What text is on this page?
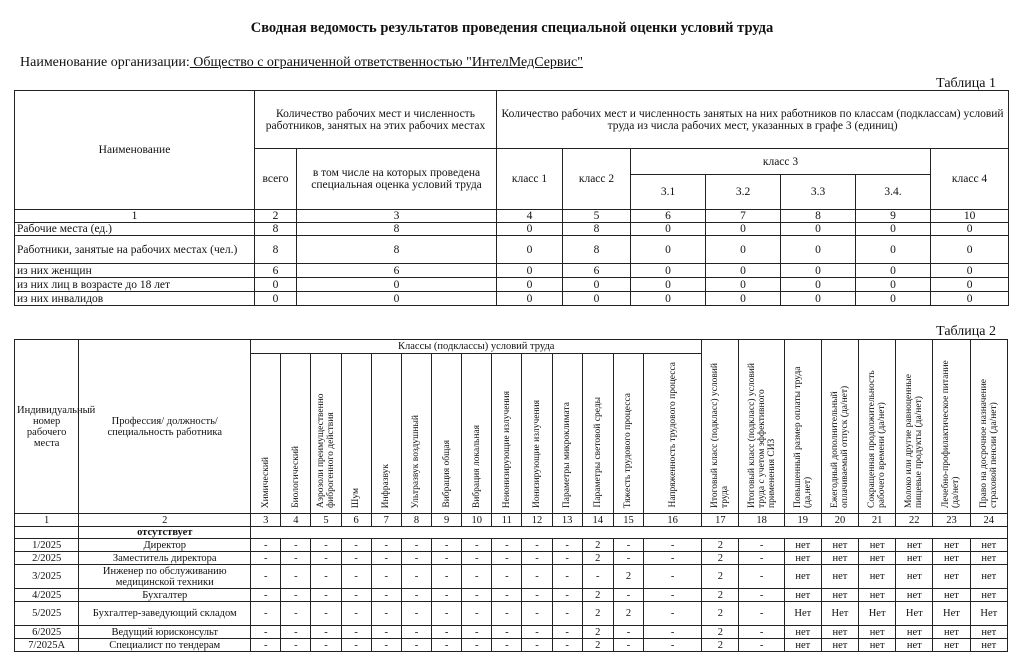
Сводная ведомость результатов проведения специальной оценки условий труда
Наименование организации: Общество с ограниченной ответственностью "ИнтелМедСервис"
Таблица 1
Наименование	Количество рабочих мест и численность работников, занятых на этих рабочих местах		Количество рабочих мест и численность занятых на них работников по классам (подклассам) условий труда из числа рабочих мест, указанных в графе 3 (единиц)						
	всего	в том числе на которых проведена специальная оценка условий труда	класс 1	класс 2	класс 3				класс 4
					3.1	3.2	3.3	3.4.	
1	2	3	4	5	6	7	8	9	10
Рабочие места (ед.)	8	8	0	8	0	0	0	0	0
Работники, занятые на рабочих местах (чел.)	8	8	0	8	0	0	0	0	0
из них женщин	6	6	0	6	0	0	0	0	0
из них лиц в возрасте до 18 лет	0	0	0	0	0	0	0	0	0
из них инвалидов	0	0	0	0	0	0	0	0	0
Таблица 2
Индивидуальный номер рабочего места	Профессия/ должность/ специальность работника	Классы (подклассы) условий труда														Итоговый класс (подкласс) условий труда	Итоговый класс (подкласс) условий труда с учетом эффективного применения СИЗ	Повышенный размер оплаты труда (да,нет)	Ежегодный дополнительный оплачиваемый отпуск (да/нет)	Сокращенная продолжительность рабочего времени (да/нет)	Молоко или другие равноценные пищевые продукты (да/нет)	Лечебно-профилактическое питание (да/нет)	Право на досрочное назначение страховой пенсии (да/нет)
		Химический	Биологический	Аэрозоли преимущественно фиброгенного действия	Шум	Инфразвук	Ультразвук воздушный	Вибрация общая	Вибрация локальная	Неионизирующие излучения	Ионизирующие излучения	Параметры микроклимата	Параметры световой среды	Тяжесть трудового процесса	Напряженность трудового процесса								
1	2	3	4	5	6	7	8	9	10	11	12	13	14	15	16	17	18	19	20	21	22	23	24
	отсутствует																						
1/2025	Директор	-	-	-	-	-	-	-	-	-	-	-	2	-	-	2	-	нет	нет	нет	нет	нет	нет
2/2025	Заместитель директора	-	-	-	-	-	-	-	-	-	-	-	2	-	-	2	-	нет	нет	нет	нет	нет	нет
3/2025	Инженер по обслуживанию медицинской техники	-	-	-	-	-	-	-	-	-	-	-	-	2	-	2	-	нет	нет	нет	нет	нет	нет
4/2025	Бухгалтер	-	-	-	-	-	-	-	-	-	-	-	2	-	-	2	-	нет	нет	нет	нет	нет	нет
5/2025	Бухгалтер-заведующий складом	-	-	-	-	-	-	-	-	-	-	-	2	2	-	2	-	Нет	Нет	Нет	Нет	Нет	Нет
6/2025	Ведущий юрисконсульт	-	-	-	-	-	-	-	-	-	-	-	2	-	-	2	-	нет	нет	нет	нет	нет	нет
7/2025А	Специалист по тендерам	-	-	-	-	-	-	-	-	-	-	-	2	-	-	2	-	нет	нет	нет	нет	нет	нет
